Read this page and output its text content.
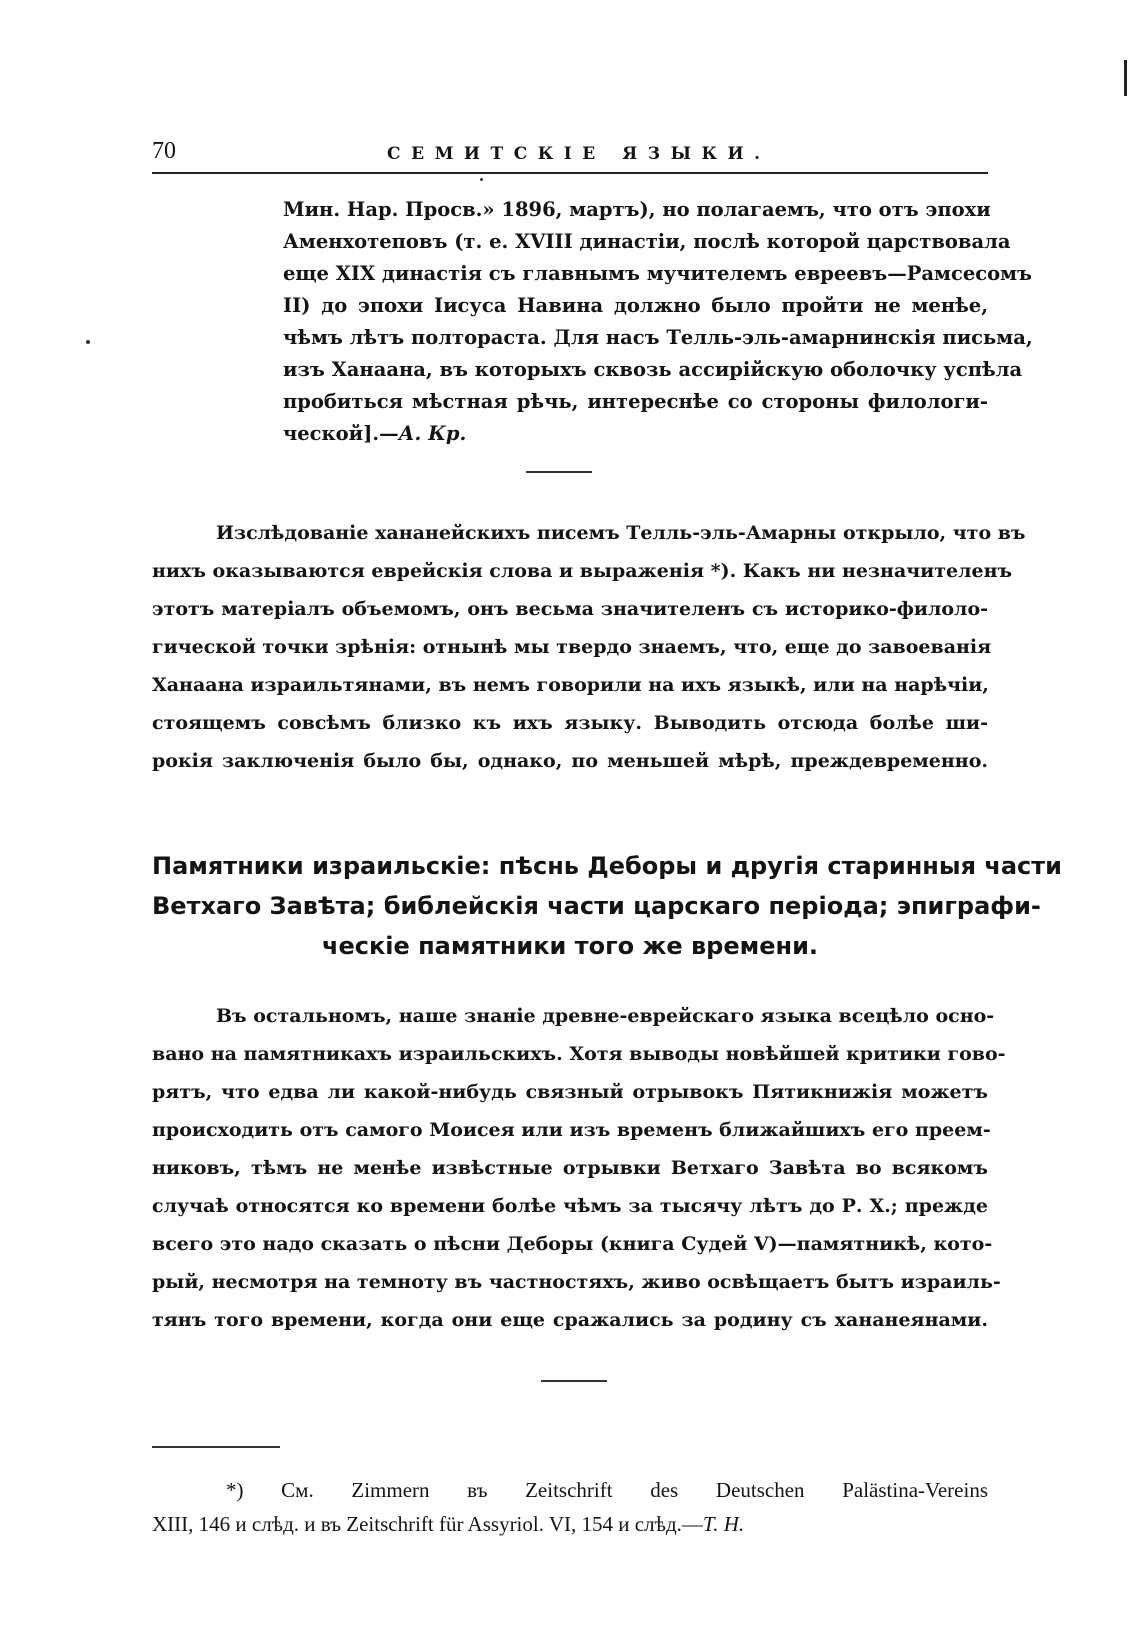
70	СЕМИТСКІЕ ЯЗЫКИ.
Мин. Нар. Просв.» 1896, мартъ), но полагаемъ, что отъ эпохи
Аменхотеповъ (т. е. XVIII династіи, послѣ которой царствовала
еще XIX династія съ главнымъ мучителемъ евреевъ—Рамсесомъ
II) до эпохи Іисуса Навина должно было пройти не менѣе,
чѣмъ лѣтъ полтораста. Для насъ Телль-эль-амарнинскія письма,
изъ Ханаана, въ которыхъ сквозь ассирійскую оболочку успѣла
пробиться мѣстная рѣчь, интереснѣе со стороны филологи-
ческой].—А. Кр.
Изслѣдованіе хананейскихъ писемъ Телль-эль-Амарны открыло, что въ
нихъ оказываются еврейскія слова и выраженія *). Какъ ни незначителенъ
этотъ матеріалъ объемомъ, онъ весьма значителенъ съ историко-филоло-
гической точки зрѣнія: отнынѣ мы твердо знаемъ, что, еще до завоеванія
Ханаана израильтянами, въ немъ говорили на ихъ языкѣ, или на нарѣчіи,
стоящемъ совсѣмъ близко къ ихъ языку. Выводить отсюда болѣе ши-
рокія заключенія было бы, однако, по меньшей мѣрѣ, преждевременно.
Памятники израильскіе: пѣснь Деборы и другія старинныя части
Ветхаго Завѣта; библейскія части царскаго періода; эпиграфи-
ческіе памятники того же времени.
Въ остальномъ, наше знаніе древне-еврейскаго языка всецѣло осно-
вано на памятникахъ израильскихъ. Хотя выводы новѣйшей критики гово-
рятъ, что едва ли какой-нибудь связный отрывокъ Пятикнижія можетъ
происходить отъ самого Моисея или изъ временъ ближайшихъ его преем-
никовъ, тѣмъ не менѣе извѣстные отрывки Ветхаго Завѣта во всякомъ
случаѣ относятся ко времени болѣе чѣмъ за тысячу лѣтъ до Р. Х.; прежде
всего это надо сказать о пѣсни Деборы (книга Судей V)—памятникѣ, кото-
рый, несмотря на темноту въ частностяхъ, живо освѣщаетъ бытъ израиль-
тянъ того времени, когда они еще сражались за родину съ хананеянами.
*) См. Zimmern въ Zeitschrift des Deutschen Palästina-Vereins
XIII, 146 и слѣд. и въ Zeitschrift für Assyriol. VI, 154 и слѣд.—Т. Н.
